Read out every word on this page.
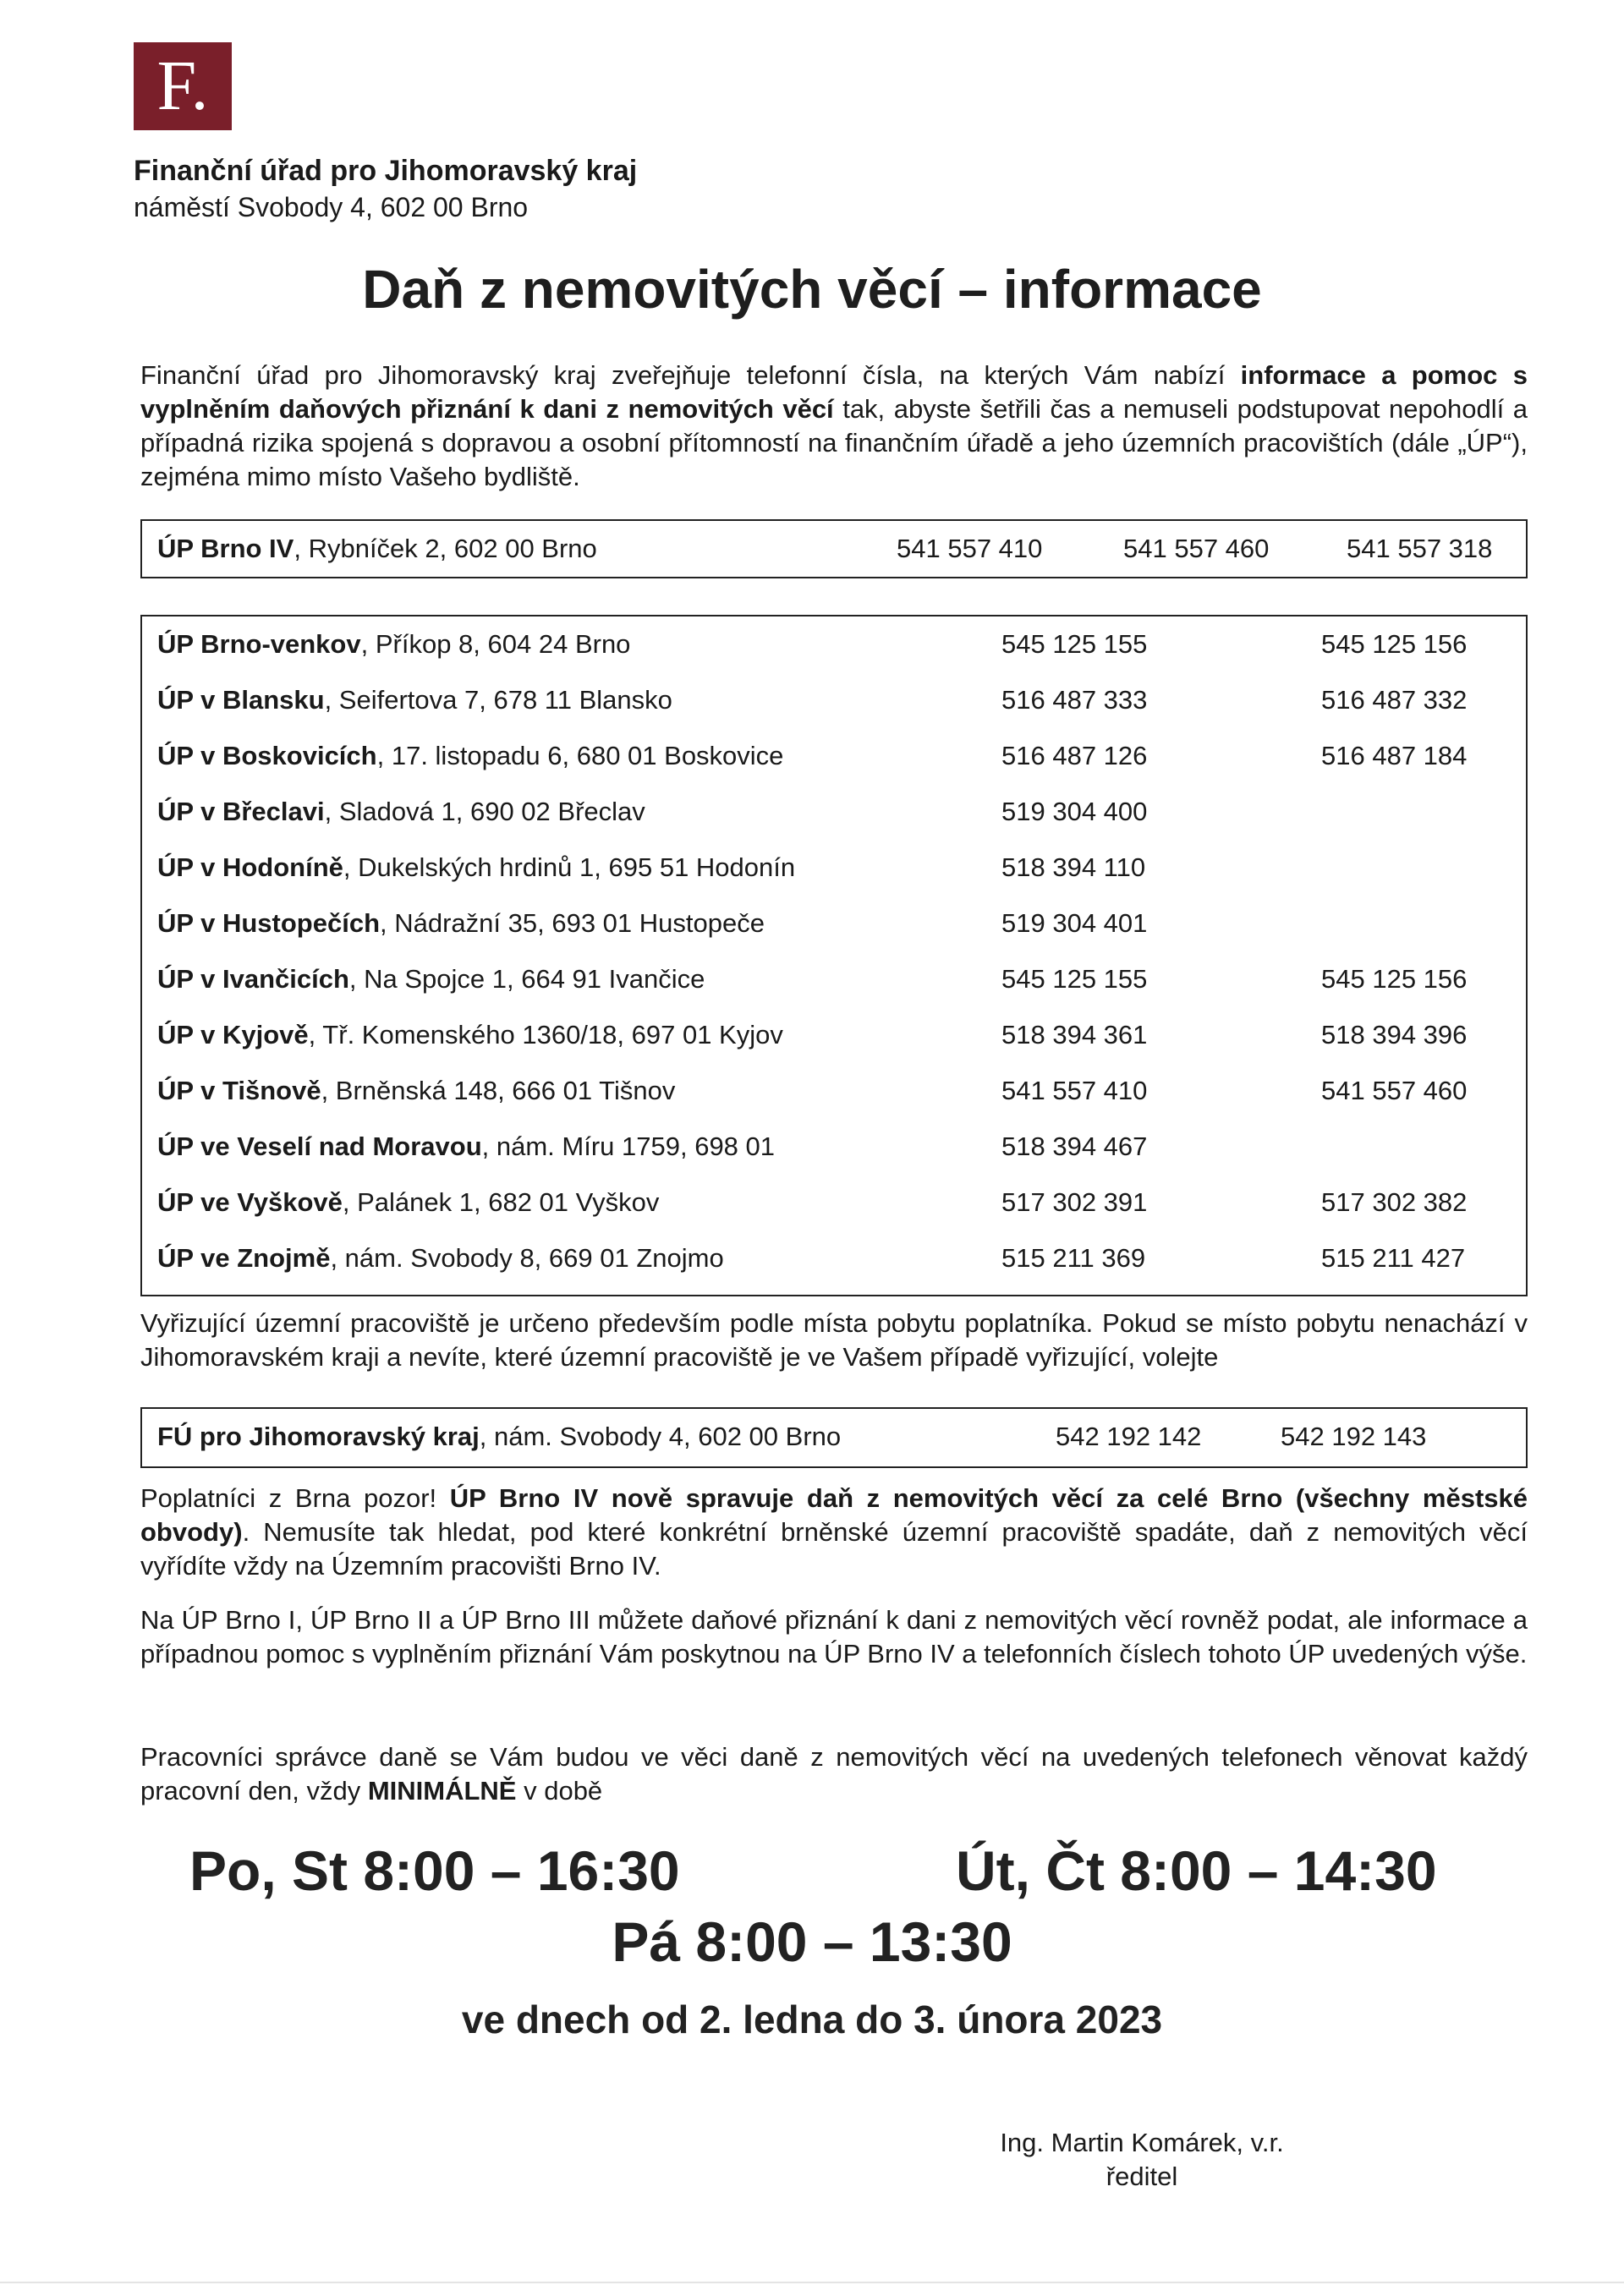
F.
Finanční úřad pro Jihomoravský kraj
náměstí Svobody 4, 602 00 Brno
Daň z nemovitých věcí – informace
Finanční úřad pro Jihomoravský kraj zveřejňuje telefonní čísla, na kterých Vám nabízí informace a pomoc s vyplněním daňových přiznání k dani z nemovitých věcí tak, abyste šetřili čas a nemuseli podstupovat nepohodlí a případná rizika spojená s dopravou a osobní přítomností na finančním úřadě a jeho územních pracovištích (dále „ÚP“), zejména mimo místo Vašeho bydliště.
ÚP Brno IV, Rybníček 2, 602 00 Brno	541 557 410	541 557 460	541 557 318
ÚP Brno-venkov, Příkop 8, 604 24 Brno	545 125 155	545 125 156
ÚP v Blansku, Seifertova 7, 678 11 Blansko	516 487 333	516 487 332
ÚP v Boskovicích, 17. listopadu 6, 680 01 Boskovice	516 487 126	516 487 184
ÚP v Břeclavi, Sladová 1, 690 02 Břeclav	519 304 400
ÚP v Hodoníně, Dukelských hrdinů 1, 695 51 Hodonín	518 394 110
ÚP v Hustopečích, Nádražní 35, 693 01 Hustopeče	519 304 401
ÚP v Ivančicích, Na Spojce 1, 664 91 Ivančice	545 125 155	545 125 156
ÚP v Kyjově, Tř. Komenského 1360/18, 697 01 Kyjov	518 394 361	518 394 396
ÚP v Tišnově, Brněnská 148, 666 01 Tišnov	541 557 410	541 557 460
ÚP ve Veselí nad Moravou, nám. Míru 1759, 698 01	518 394 467
ÚP ve Vyškově, Palánek 1, 682 01 Vyškov	517 302 391	517 302 382
ÚP ve Znojmě, nám. Svobody 8, 669 01 Znojmo	515 211 369	515 211 427
Vyřizující územní pracoviště je určeno především podle místa pobytu poplatníka. Pokud se místo pobytu nenachází v Jihomoravském kraji a nevíte, které územní pracoviště je ve Vašem případě vyřizující, volejte
FÚ pro Jihomoravský kraj, nám. Svobody 4, 602 00 Brno	542 192 142	542 192 143
Poplatníci z Brna pozor! ÚP Brno IV nově spravuje daň z nemovitých věcí za celé Brno (všechny městské obvody). Nemusíte tak hledat, pod které konkrétní brněnské územní pracoviště spadáte, daň z nemovitých věcí vyřídíte vždy na Územním pracovišti Brno IV.
Na ÚP Brno I, ÚP Brno II a ÚP Brno III můžete daňové přiznání k dani z nemovitých věcí rovněž podat, ale informace a případnou pomoc s vyplněním přiznání Vám poskytnou na ÚP Brno IV a telefonních číslech tohoto ÚP uvedených výše.
Pracovníci správce daně se Vám budou ve věci daně z nemovitých věcí na uvedených telefonech věnovat každý pracovní den, vždy MINIMÁLNĚ v době
Po, St 8:00 – 16:30	Út, Čt 8:00 – 14:30
Pá 8:00 – 13:30
ve dnech od 2. ledna do 3. února 2023
Ing. Martin Komárek, v.r.
ředitel
